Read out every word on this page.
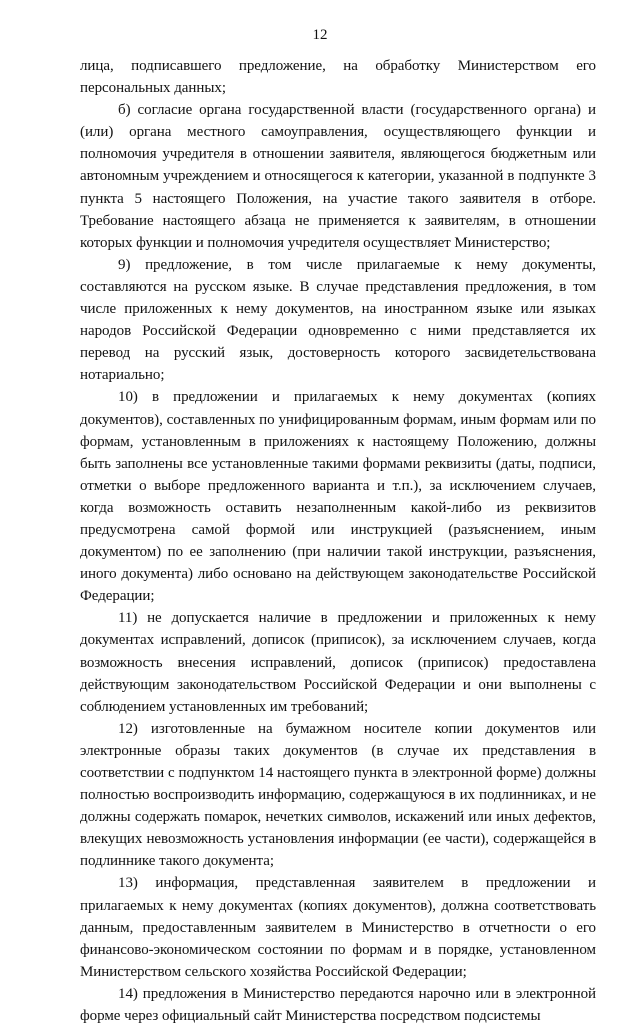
12

лица, подписавшего предложение, на обработку Министерством его персональных данных;

б) согласие органа государственной власти (государственного органа) и (или) органа местного самоуправления, осуществляющего функции и полномочия учредителя в отношении заявителя, являющегося бюджетным или автономным учреждением и относящегося к категории, указанной в подпункте 3 пункта 5 настоящего Положения, на участие такого заявителя в отборе. Требование настоящего абзаца не применяется к заявителям, в отношении которых функции и полномочия учредителя осуществляет Министерство;

9) предложение, в том числе прилагаемые к нему документы, составляются на русском языке. В случае представления предложения, в том числе приложенных к нему документов, на иностранном языке или языках народов Российской Федерации одновременно с ними представляется их перевод на русский язык, достоверность которого засвидетельствована нотариально;

10) в предложении и прилагаемых к нему документах (копиях документов), составленных по унифицированным формам, иным формам или по формам, установленным в приложениях к настоящему Положению, должны быть заполнены все установленные такими формами реквизиты (даты, подписи, отметки о выборе предложенного варианта и т.п.), за исключением случаев, когда возможность оставить незаполненным какой-либо из реквизитов предусмотрена самой формой или инструкцией (разъяснением, иным документом) по ее заполнению (при наличии такой инструкции, разъяснения, иного документа) либо основано на действующем законодательстве Российской Федерации;

11) не допускается наличие в предложении и приложенных к нему документах исправлений, дописок (приписок), за исключением случаев, когда возможность внесения исправлений, дописок (приписок) предоставлена действующим законодательством Российской Федерации и они выполнены с соблюдением установленных им требований;

12) изготовленные на бумажном носителе копии документов или электронные образы таких документов (в случае их представления в соответствии с подпунктом 14 настоящего пункта в электронной форме) должны полностью воспроизводить информацию, содержащуюся в их подлинниках, и не должны содержать помарок, нечетких символов, искажений или иных дефектов, влекущих невозможность установления информации (ее части), содержащейся в подлиннике такого документа;

13) информация, представленная заявителем в предложении и прилагаемых к нему документах (копиях документов), должна соответствовать данным, предоставленным заявителем в Министерство в отчетности о его финансово-экономическом состоянии по формам и в порядке, установленном Министерством сельского хозяйства Российской Федерации;

14) предложения в Министерство передаются нарочно или в электронной форме через официальный сайт Министерства посредством подсистемы
